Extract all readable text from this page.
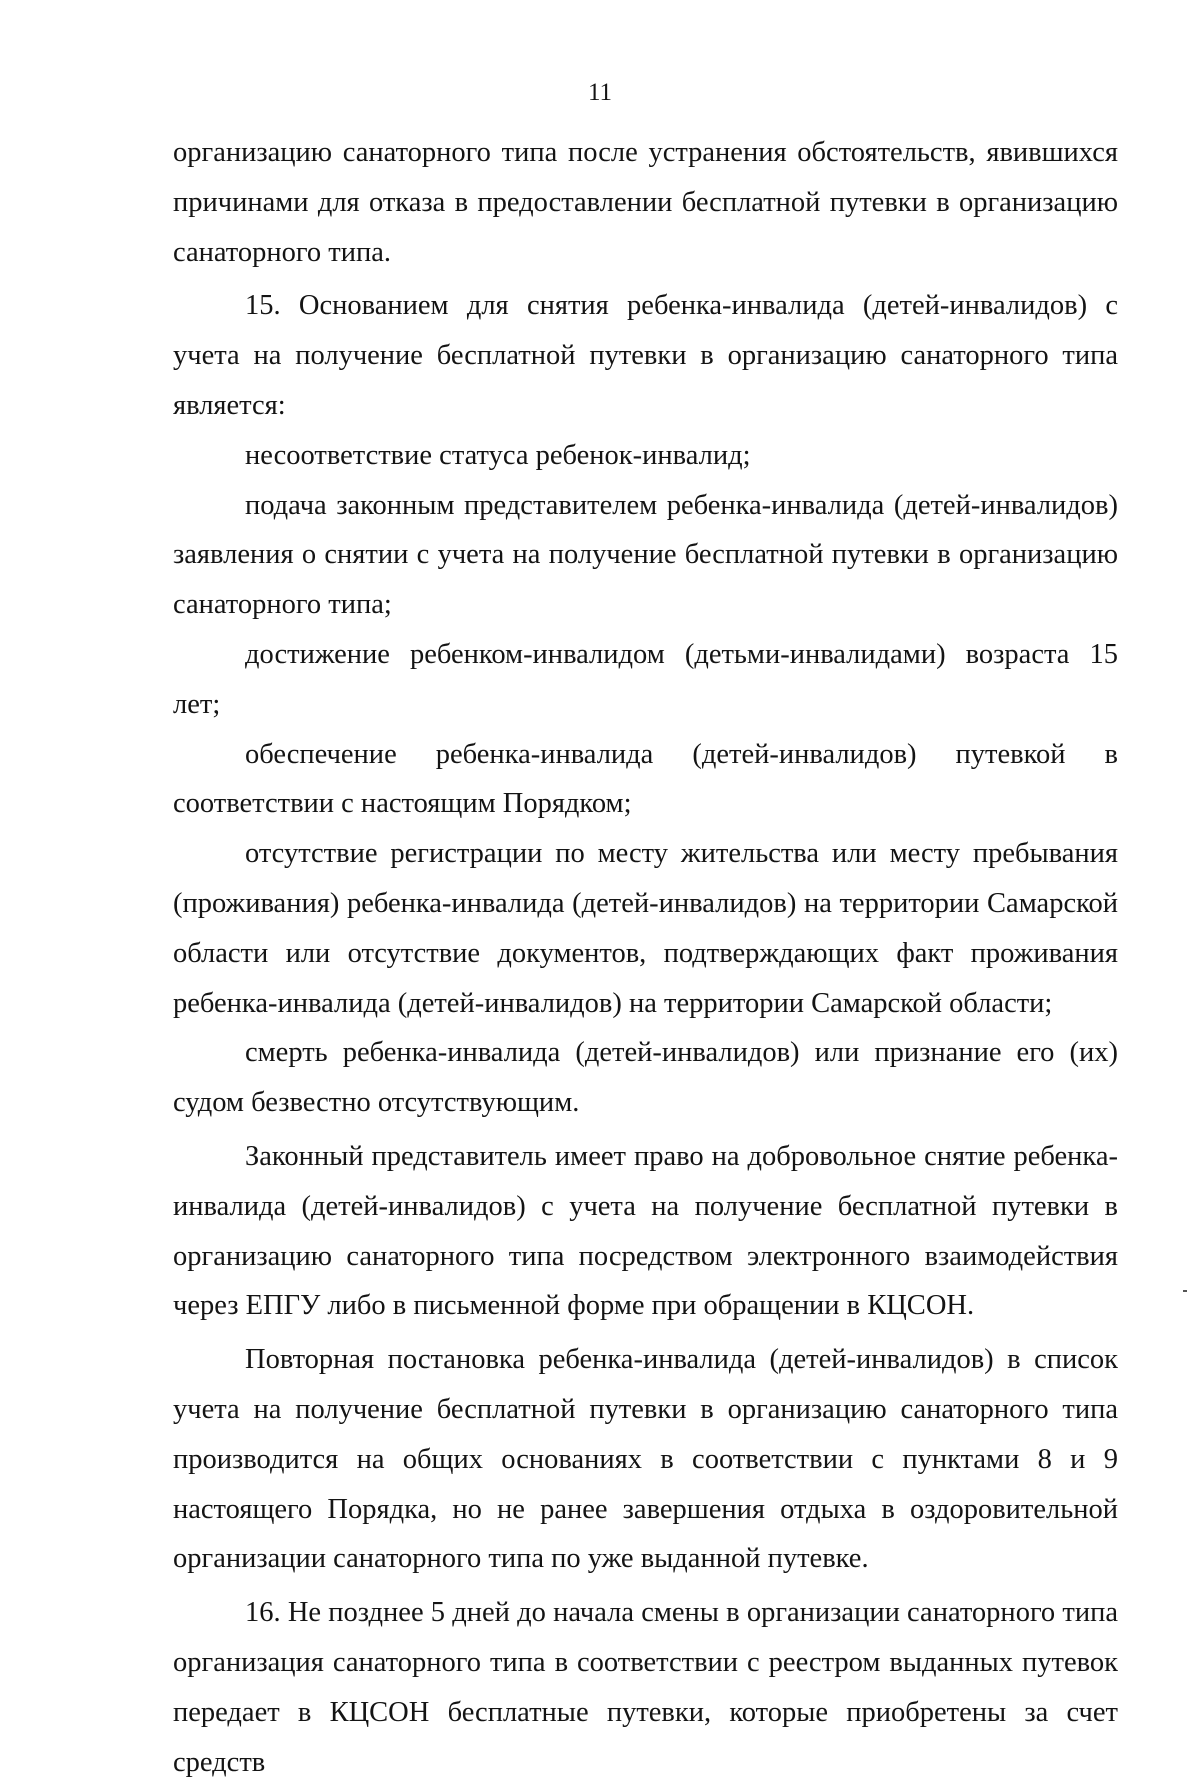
11

организацию санаторного типа после устранения обстоятельств, явившихся причинами для отказа в предоставлении бесплатной путевки в организацию санаторного типа.

15. Основанием для снятия ребенка-инвалида (детей-инвалидов) с учета на получение бесплатной путевки в организацию санаторного типа является:

несоответствие статуса ребенок-инвалид;

подача законным представителем ребенка-инвалида (детей-инвалидов) заявления о снятии с учета на получение бесплатной путевки в организацию санаторного типа;

достижение ребенком-инвалидом (детьми-инвалидами) возраста 15 лет;

обеспечение ребенка-инвалида (детей-инвалидов) путевкой в соответствии с настоящим Порядком;

отсутствие регистрации по месту жительства или месту пребывания (проживания) ребенка-инвалида (детей-инвалидов) на территории Самарской области или отсутствие документов, подтверждающих факт проживания ребенка-инвалида (детей-инвалидов) на территории Самарской области;

смерть ребенка-инвалида (детей-инвалидов) или признание его (их) судом безвестно отсутствующим.

Законный представитель имеет право на добровольное снятие ребенка-инвалида (детей-инвалидов) с учета на получение бесплатной путевки в организацию санаторного типа посредством электронного взаимодействия через ЕПГУ либо в письменной форме при обращении в КЦСОН.

Повторная постановка ребенка-инвалида (детей-инвалидов) в список учета на получение бесплатной путевки в организацию санаторного типа производится на общих основаниях в соответствии с пунктами 8 и 9 настоящего Порядка, но не ранее завершения отдыха в оздоровительной организации санаторного типа по уже выданной путевке.

16. Не позднее 5 дней до начала смены в организации санаторного типа организация санаторного типа в соответствии с реестром выданных путевок передает в КЦСОН бесплатные путевки, которые приобретены за счет средств
